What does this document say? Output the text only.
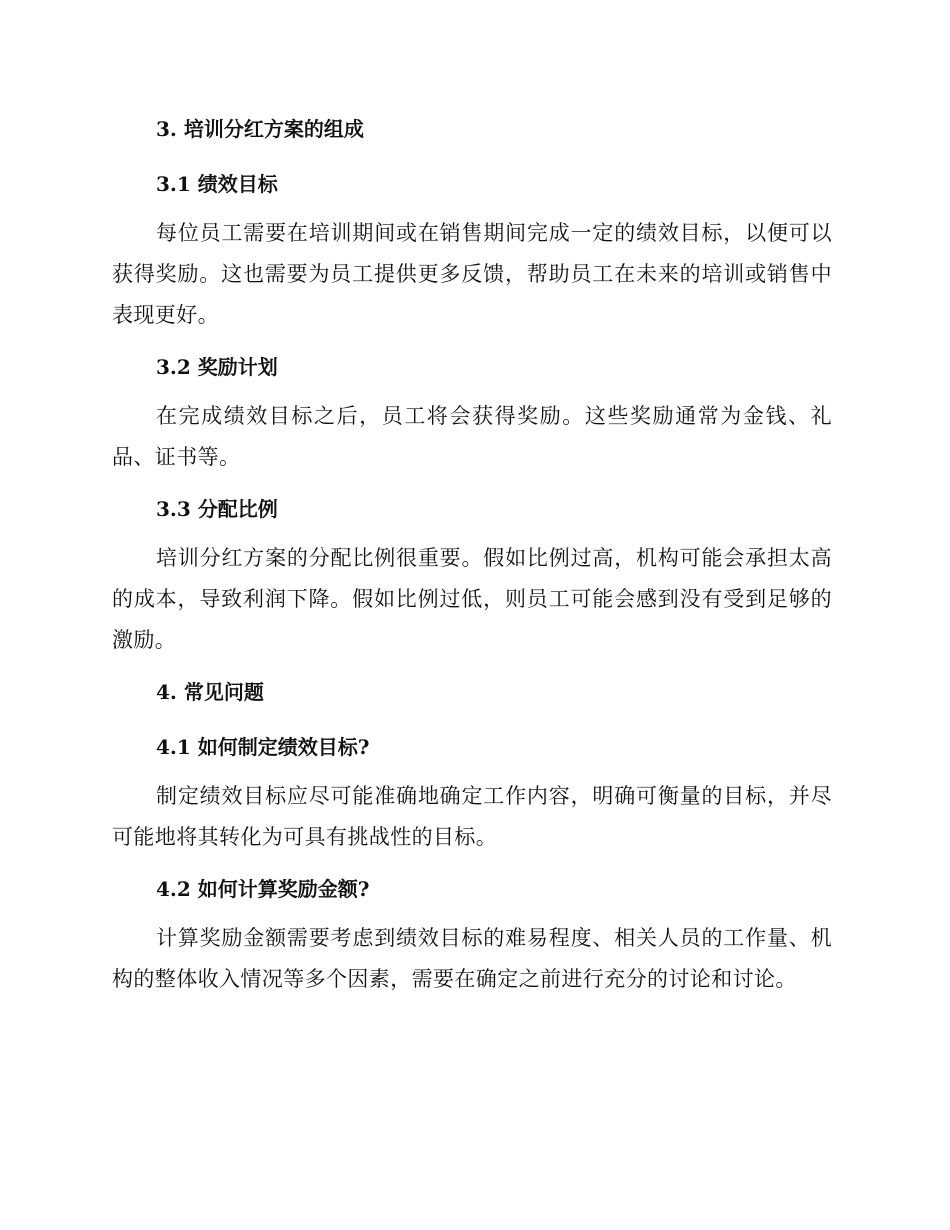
3. 培训分红方案的组成
3.1 绩效目标

每位员工需要在培训期间或在销售期间完成一定的绩效目标，以便可以获得奖励。这也需要为员工提供更多反馈，帮助员工在未来的培训或销售中表现更好。

3.2 奖励计划

在完成绩效目标之后，员工将会获得奖励。这些奖励通常为金钱、礼品、证书等。

3.3 分配比例

培训分红方案的分配比例很重要。假如比例过高，机构可能会承担太高的成本，导致利润下降。假如比例过低，则员工可能会感到没有受到足够的激励。

4. 常见问题
4.1 如何制定绩效目标?

制定绩效目标应尽可能准确地确定工作内容，明确可衡量的目标，并尽可能地将其转化为可具有挑战性的目标。

4.2 如何计算奖励金额?

计算奖励金额需要考虑到绩效目标的难易程度、相关人员的工作量、机构的整体收入情况等多个因素，需要在确定之前进行充分的讨论和讨论。
